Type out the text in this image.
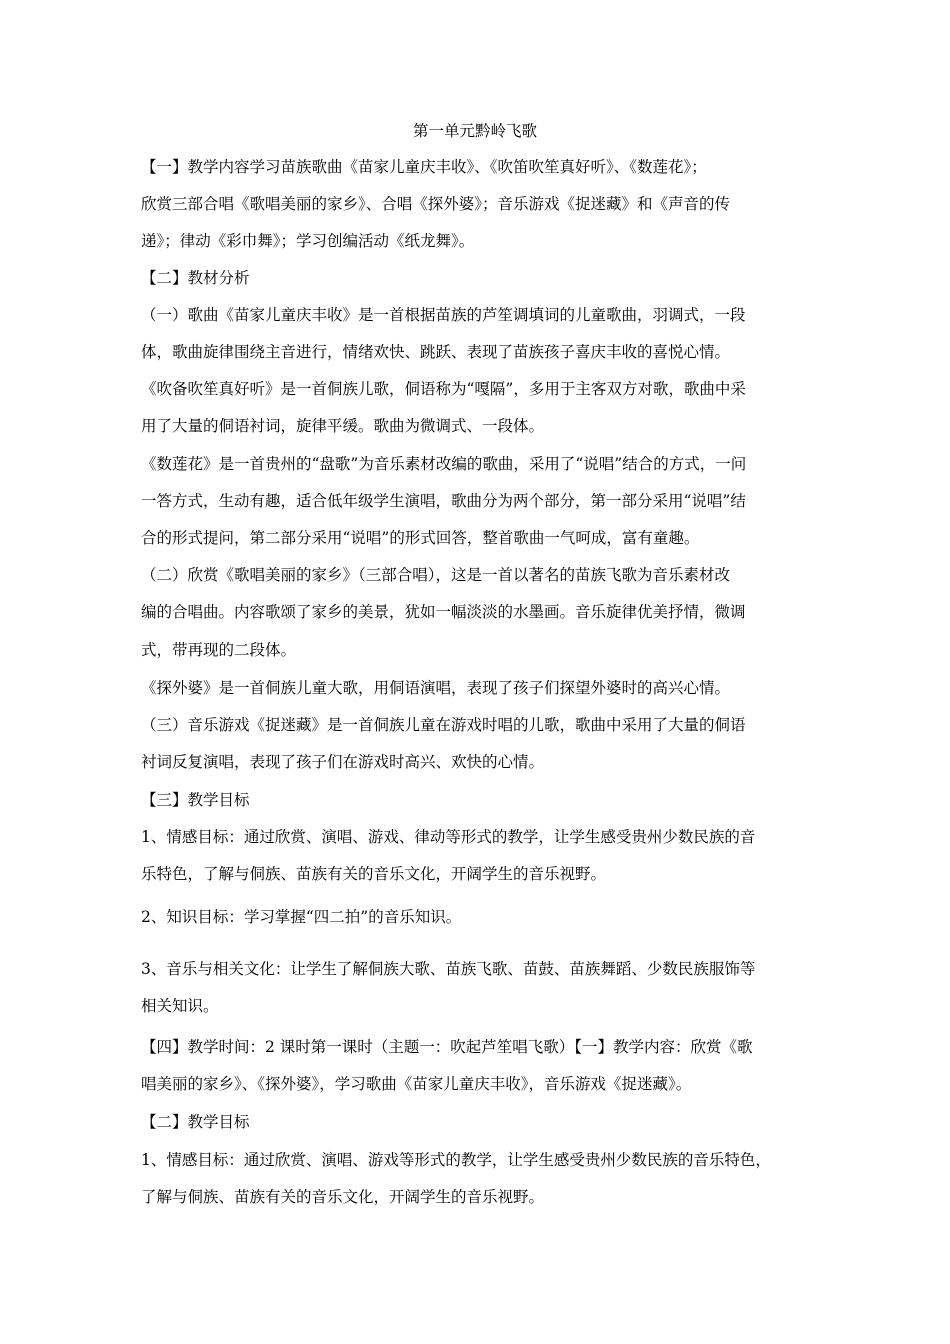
第一单元黔岭飞歌
【一】教学内容学习苗族歌曲《苗家儿童庆丰收》、《吹笛吹笙真好听》、《数莲花》；
欣赏三部合唱《歌唱美丽的家乡》、合唱《探外婆》；音乐游戏《捉迷藏》和《声音的传
递》；律动《彩巾舞》；学习创编活动《纸龙舞》。
【二】教材分析
（一）歌曲《苗家儿童庆丰收》是一首根据苗族的芦笙调填词的儿童歌曲，羽调式，一段
体，歌曲旋律围绕主音进行，情绪欢快、跳跃、表现了苗族孩子喜庆丰收的喜悦心情。
《吹备吹笙真好听》是一首侗族儿歌，侗语称为“嘎隔”，多用于主客双方对歌，歌曲中采
用了大量的侗语衬词，旋律平缓。歌曲为微调式、一段体。
《数莲花》是一首贵州的“盘歌”为音乐素材改编的歌曲，采用了“说唱”结合的方式，一问
一答方式，生动有趣，适合低年级学生演唱，歌曲分为两个部分，第一部分采用“说唱”结
合的形式提问，第二部分采用“说唱”的形式回答，整首歌曲一气呵成，富有童趣。
（二）欣赏《歌唱美丽的家乡》（三部合唱），这是一首以著名的苗族飞歌为音乐素材改
编的合唱曲。内容歌颂了家乡的美景，犹如一幅淡淡的水墨画。音乐旋律优美抒情，微调
式，带再现的二段体。
《探外婆》是一首侗族儿童大歌，用侗语演唱，表现了孩子们探望外婆时的高兴心情。
（三）音乐游戏《捉迷藏》是一首侗族儿童在游戏时唱的儿歌，歌曲中采用了大量的侗语
衬词反复演唱，表现了孩子们在游戏时高兴、欢快的心情。
【三】教学目标
1、情感目标：通过欣赏、演唱、游戏、律动等形式的教学，让学生感受贵州少数民族的音
乐特色，了解与侗族、苗族有关的音乐文化，开阔学生的音乐视野。
2、知识目标：学习掌握“四二拍”的音乐知识。
3、音乐与相关文化：让学生了解侗族大歌、苗族飞歌、苗鼓、苗族舞蹈、少数民族服饰等
相关知识。
【四】教学时间：2 课时第一课时（主题一：吹起芦笙唱飞歌）【一】教学内容：欣赏《歌
唱美丽的家乡》、《探外婆》，学习歌曲《苗家儿童庆丰收》，音乐游戏《捉迷藏》。
【二】教学目标
1、情感目标：通过欣赏、演唱、游戏等形式的教学，让学生感受贵州少数民族的音乐特色，
了解与侗族、苗族有关的音乐文化，开阔学生的音乐视野。
